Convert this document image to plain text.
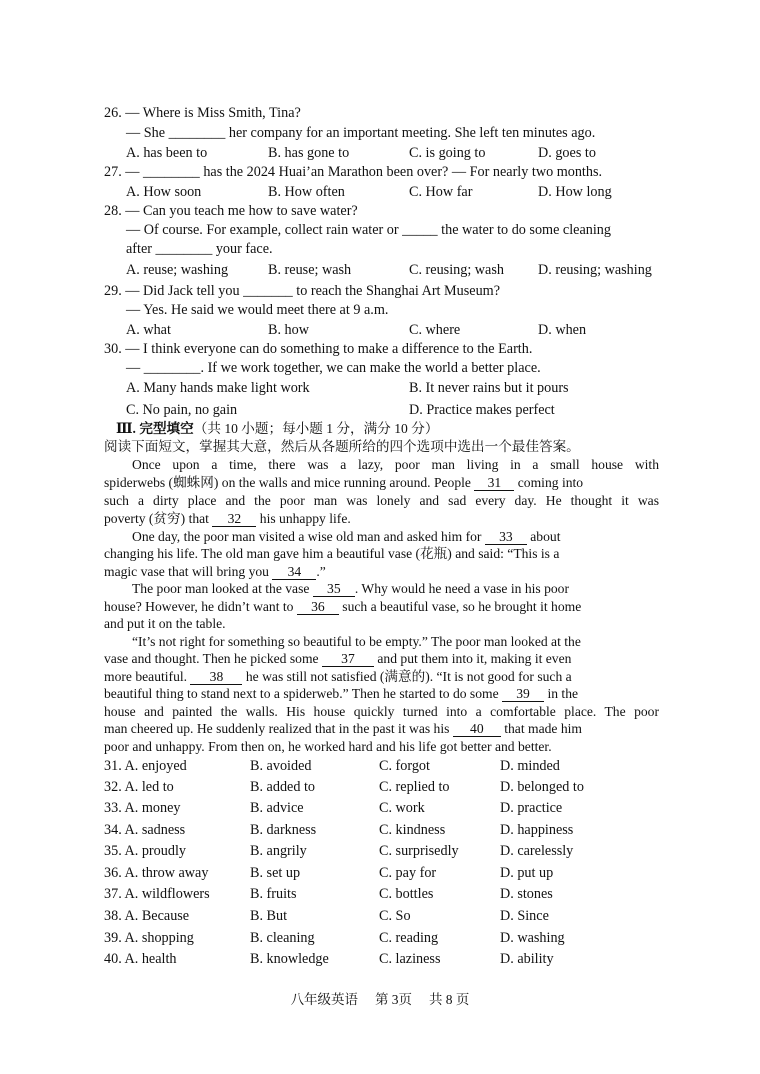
26. — Where is Miss Smith, Tina?
— She ________ her company for an important meeting. She left ten minutes ago.
A. has been to	B. has gone to	C. is going to	D. goes to
27. — ________ has the 2024 Huai’an Marathon been over? — For nearly two months.
A. How soon	B. How often	C. How far	D. How long
28. — Can you teach me how to save water?
— Of course. For example, collect rain water or _____ the water to do some cleaning
after ________ your face.
A. reuse; washing	B. reuse; wash	C. reusing; wash D. reusing; washing
29. — Did Jack tell you _______ to reach the Shanghai Art Museum?
— Yes. He said we would meet there at 9 a.m.
A. what	B. how	C. where	D. when
30. — I think everyone can do something to make a difference to the Earth.
— ________. If we work together, we can make the world a better place.
A. Many hands make light work	B. It never rains but it pours
C. No pain, no gain	D. Practice makes perfect
Ⅲ. 完型填空（共 10 小题；每小题 1 分，满分 10 分）
阅读下面短文，掌握其大意，然后从各题所给的四个选项中选出一个最佳答案。
Once upon a time, there was a lazy, poor man living in a small house with
spiderwebs (蜘蛛网) on the walls and mice running around. People 31 coming into
such a dirty place and the poor man was lonely and sad every day. He thought it was
poverty (贫穷) that 32 his unhappy life.
One day, the poor man visited a wise old man and asked him for 33 about
changing his life. The old man gave him a beautiful vase (花瓶) and said: “This is a
magic vase that will bring you 34 .”
The poor man looked at the vase 35 . Why would he need a vase in his poor
house? However, he didn’t want to 36 such a beautiful vase, so he brought it home
and put it on the table.
“It’s not right for something so beautiful to be empty.” The poor man looked at the
vase and thought. Then he picked some 37 and put them into it, making it even
more beautiful. 38 he was still not satisfied (满意的). “It is not good for such a
beautiful thing to stand next to a spiderweb.” Then he started to do some 39 in the
house and painted the walls. His house quickly turned into a comfortable place. The poor
man cheered up. He suddenly realized that in the past it was his 40 that made him
poor and unhappy. From then on, he worked hard and his life got better and better.
31. A. enjoyed	B. avoided	C. forgot	D. minded
32. A. led to	B. added to	C. replied to	D. belonged to
33. A. money	B. advice	C. work	D. practice
34. A. sadness	B. darkness	C. kindness	D. happiness
35. A. proudly	B. angrily	C. surprisedly	D. carelessly
36. A. throw away	B. set up	C. pay for	D. put up
37. A. wildflowers	B. fruits	C. bottles	D. stones
38. A. Because	B. But	C. So	D. Since
39. A. shopping	B. cleaning	C. reading	D. washing
40. A. health	B. knowledge	C. laziness	D. ability
八年级英语 第 3页 共 8 页
